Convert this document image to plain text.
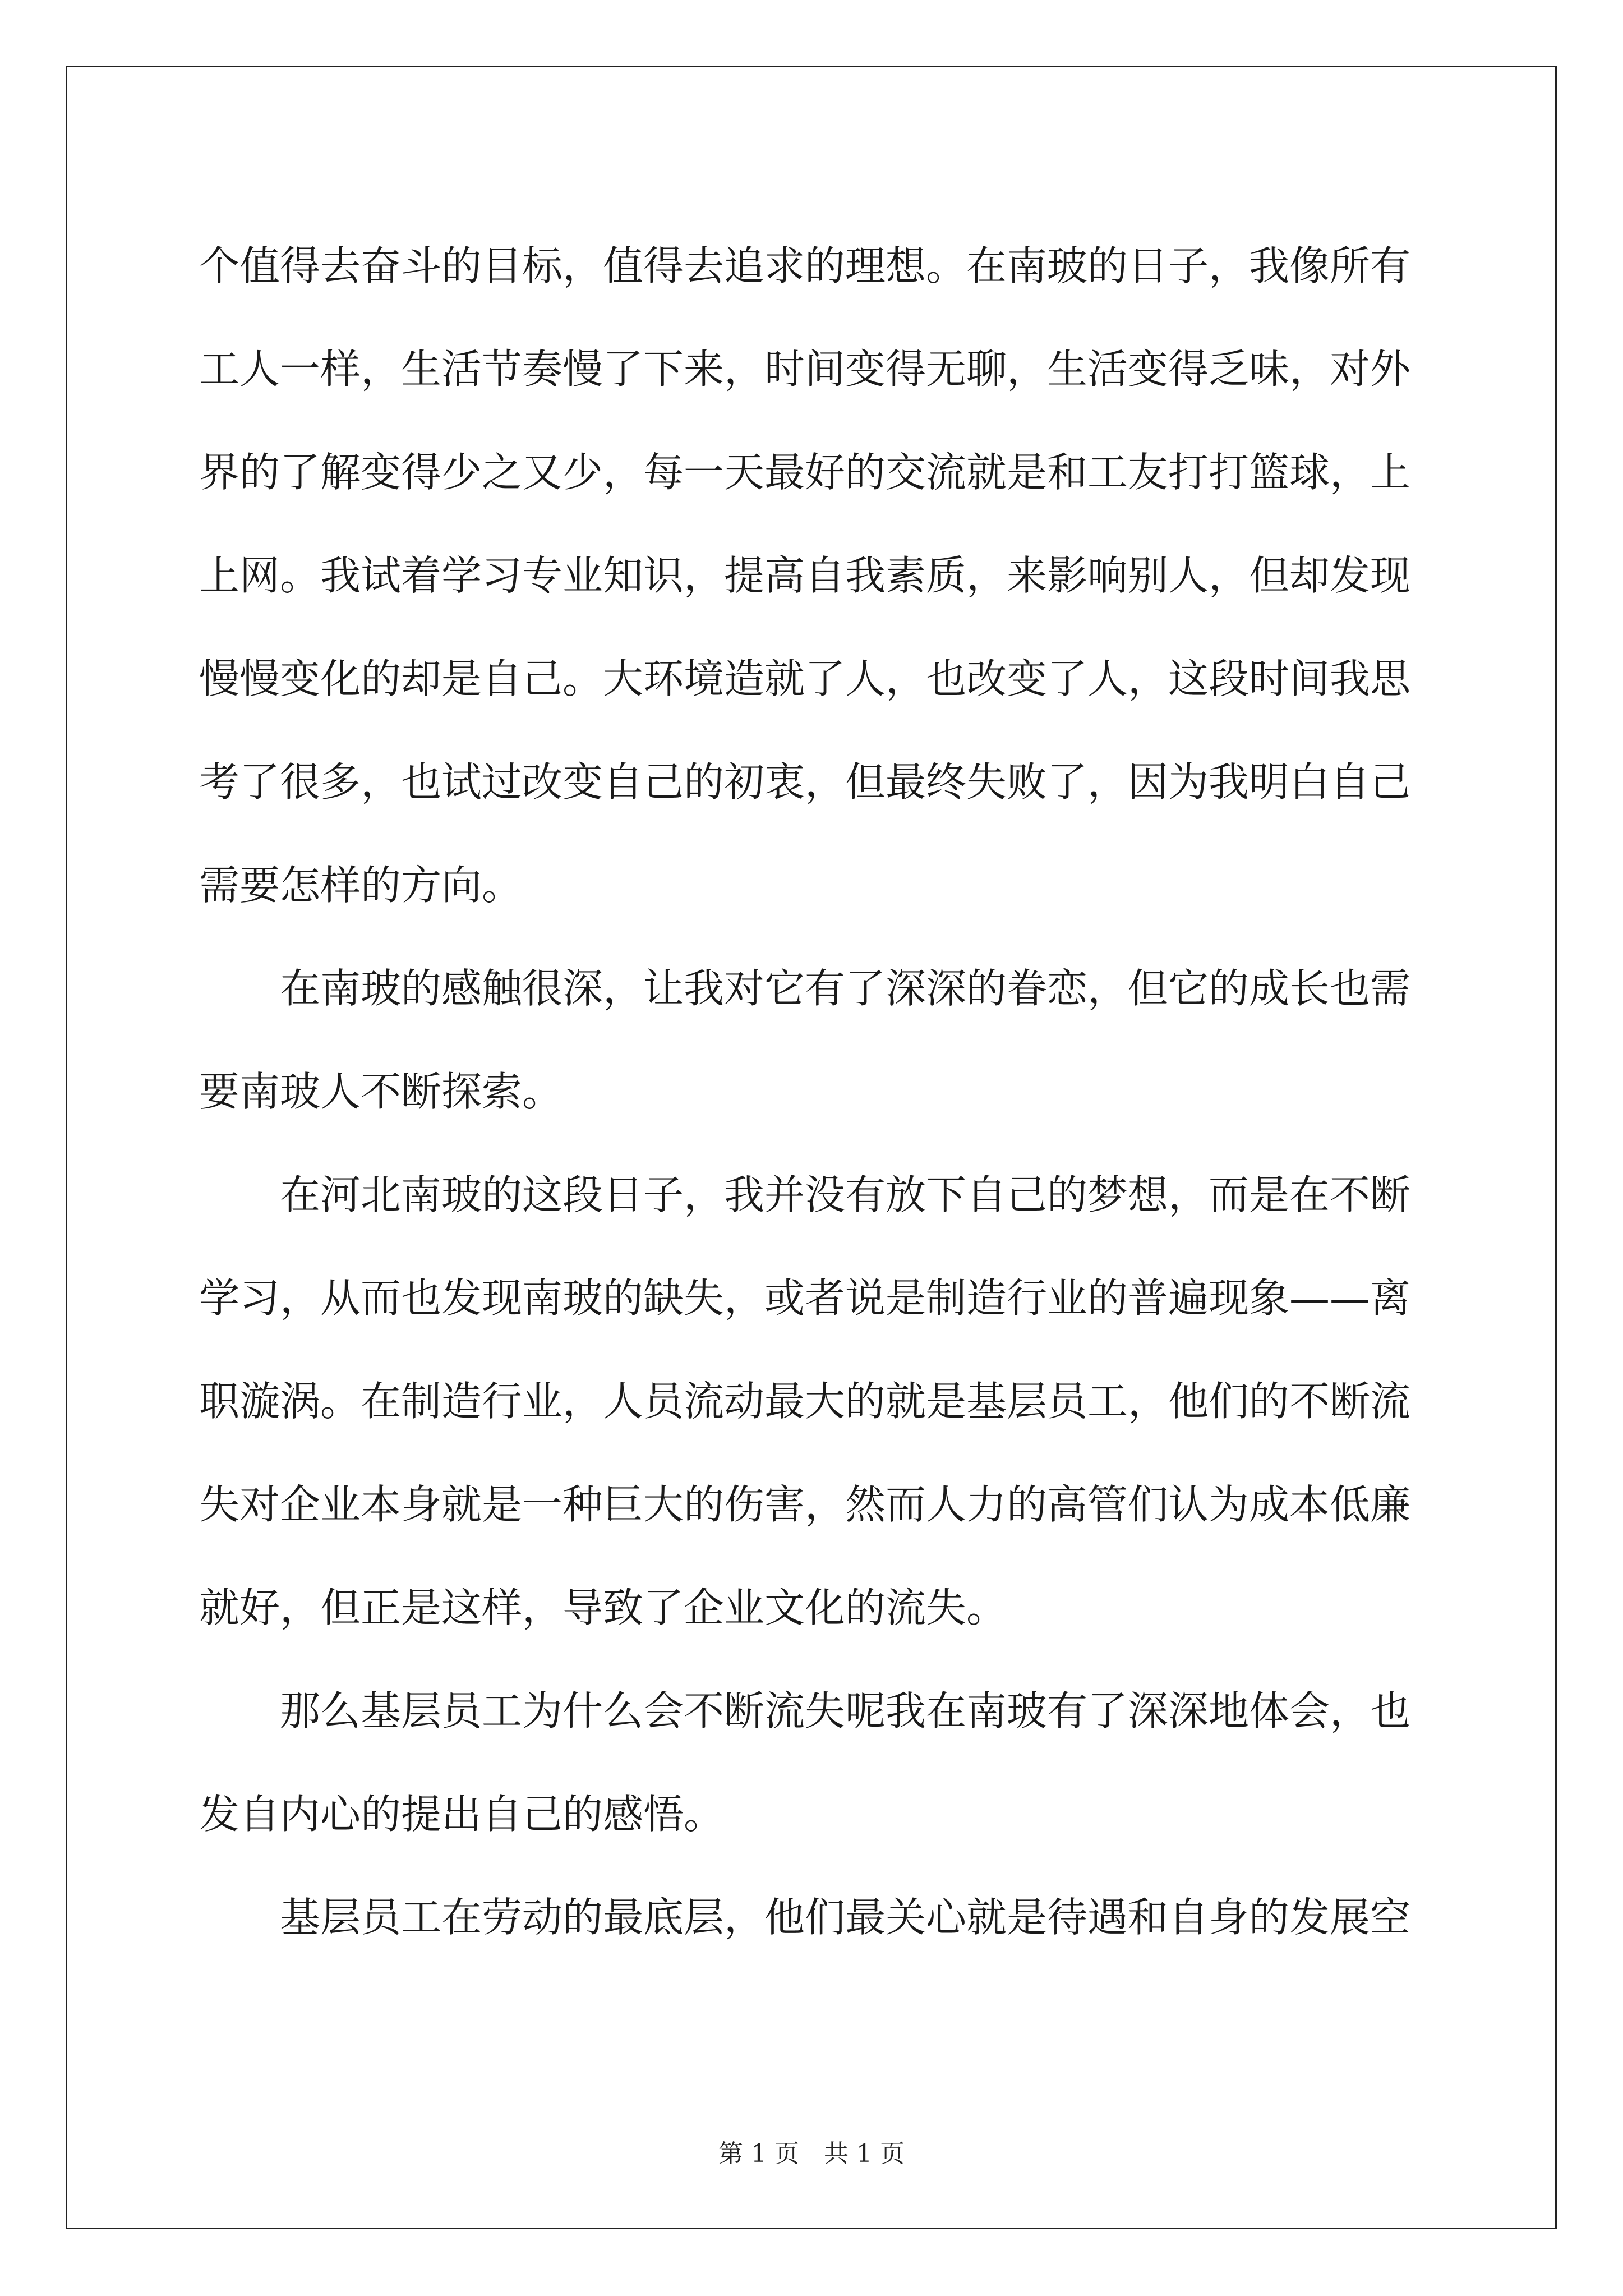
个值得去奋斗的目标，值得去追求的理想。在南玻的日子，我像所有
工人一样，生活节奏慢了下来，时间变得无聊，生活变得乏味，对外
界的了解变得少之又少，每一天最好的交流就是和工友打打篮球，上
上网。我试着学习专业知识，提高自我素质，来影响别人，但却发现
慢慢变化的却是自己。大环境造就了人，也改变了人，这段时间我思
考了很多，也试过改变自己的初衷，但最终失败了，因为我明白自己
需要怎样的方向。

　　在南玻的感触很深，让我对它有了深深的眷恋，但它的成长也需
要南玻人不断探索。

　　在河北南玻的这段日子，我并没有放下自己的梦想，而是在不断
学习，从而也发现南玻的缺失，或者说是制造行业的普遍现象——离
职漩涡。在制造行业，人员流动最大的就是基层员工，他们的不断流
失对企业本身就是一种巨大的伤害，然而人力的高管们认为成本低廉
就好，但正是这样，导致了企业文化的流失。

　　那么基层员工为什么会不断流失呢我在南玻有了深深地体会，也
发自内心的提出自己的感悟。

　　基层员工在劳动的最底层，他们最关心就是待遇和自身的发展空

第 1 页　共 1 页
